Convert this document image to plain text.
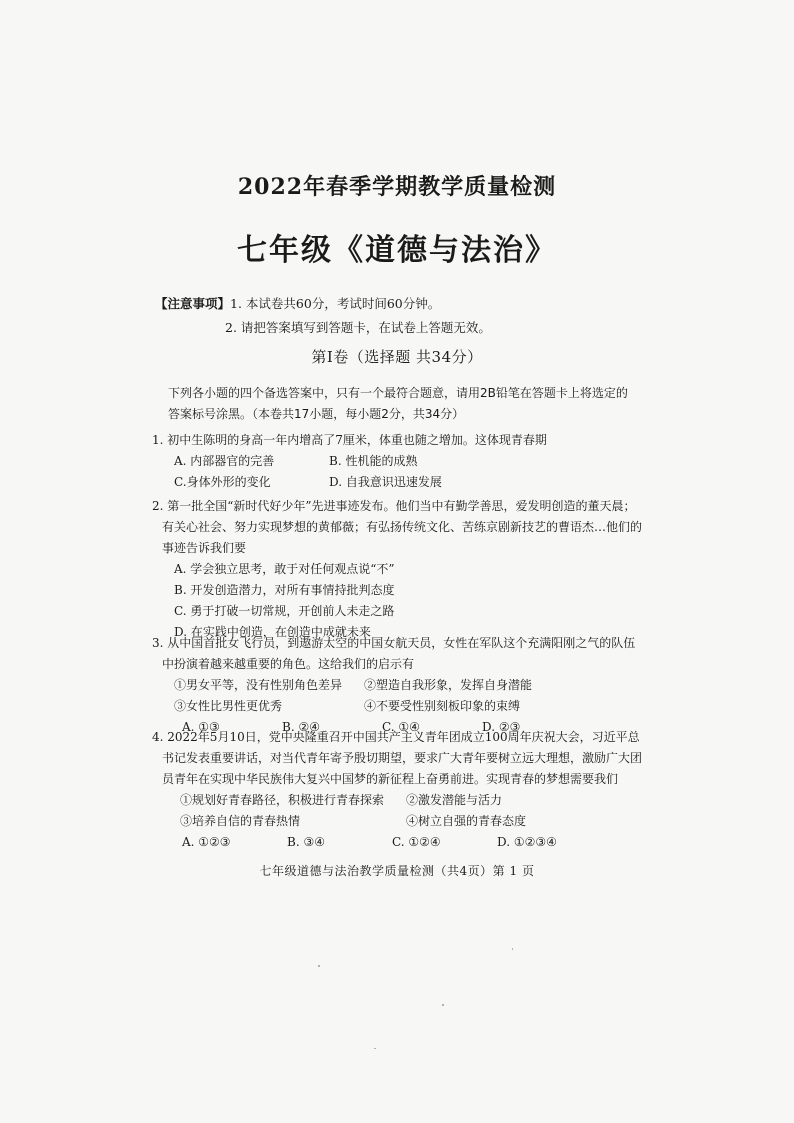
2022年春季学期教学质量检测
七年级《道德与法治》
【注意事项】1. 本试卷共60分，考试时间60分钟。
2. 请把答案填写到答题卡，在试卷上答题无效。
第Ⅰ卷（选择题 共34分）
下列各小题的四个备选答案中，只有一个最符合题意，请用2B铅笔在答题卡上将选定的答案标号涂黑。（本卷共17小题，每小题2分，共34分）
1. 初中生陈明的身高一年内增高了7厘米，体重也随之增加。这体现青春期
A. 内部器官的完善	B. 性机能的成熟
C.身体外形的变化	D. 自我意识迅速发展
2. 第一批全国“新时代好少年”先进事迹发布。他们当中有勤学善思，爱发明创造的董天晨；有关心社会、努力实现梦想的黄郁薇；有弘扬传统文化、苦练京剧新技艺的曹语杰…他们的事迹告诉我们要
A. 学会独立思考，敢于对任何观点说“不”
B. 开发创造潜力，对所有事情持批判态度
C. 勇于打破一切常规，开创前人未走之路
D. 在实践中创造，在创造中成就未来
3. 从中国首批女飞行员，到遨游太空的中国女航天员，女性在军队这个充满阳刚之气的队伍中扮演着越来越重要的角色。这给我们的启示有
①男女平等，没有性别角色差异	②塑造自我形象，发挥自身潜能
③女性比男性更优秀	④不要受性别刻板印象的束缚
A. ①③	B. ②④	C. ①④	D. ②③
4. 2022年5月10日，党中央隆重召开中国共产主义青年团成立100周年庆祝大会，习近平总书记发表重要讲话，对当代青年寄予殷切期望，要求广大青年要树立远大理想，激励广大团员青年在实现中华民族伟大复兴中国梦的新征程上奋勇前进。实现青春的梦想需要我们
①规划好青春路径，积极进行青春探索	②激发潜能与活力
③培养自信的青春热情	④树立自强的青春态度
A. ①②③	B. ③④	C. ①②④	D. ①②③④
七年级道德与法治教学质量检测（共4页）第 1 页
